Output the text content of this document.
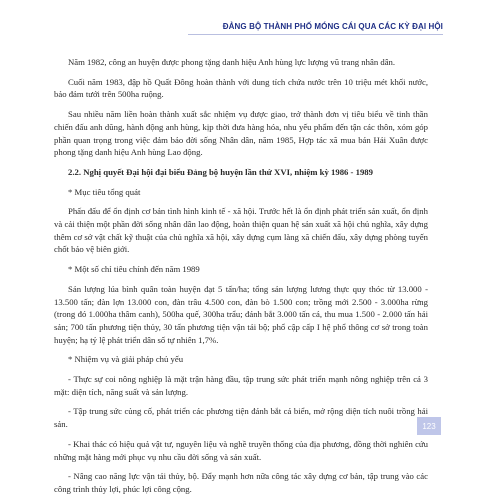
ĐẢNG BỘ THÀNH PHỐ MÓNG CÁI QUA CÁC KỲ ĐẠI HỘI

Năm 1982, công an huyện được phong tặng danh hiệu Anh hùng lực lượng vũ trang nhân dân.

Cuối năm 1983, đập hồ Quất Đông hoàn thành với dung tích chứa nước trên 10 triệu mét khối nước, bảo đảm tưới trên 500ha ruộng.

Sau nhiều năm liền hoàn thành xuất sắc nhiệm vụ được giao, trở thành đơn vị tiêu biểu về tinh thần chiến đấu anh dũng, hành động anh hùng, kịp thời đưa hàng hóa, nhu yếu phẩm đến tận các thôn, xóm góp phần quan trọng trong việc đảm bảo đời sống Nhân dân, năm 1985, Hợp tác xã mua bán Hải Xuân được phong tặng danh hiệu Anh hùng Lao động.

2.2. Nghị quyết Đại hội đại biểu Đảng bộ huyện lần thứ XVI, nhiệm kỳ 1986 - 1989

* Mục tiêu tổng quát

Phấn đấu để ổn định cơ bản tình hình kinh tế - xã hội. Trước hết là ổn định phát triển sản xuất, ổn định và cải thiện một phần đời sống nhân dân lao động, hoàn thiện quan hệ sản xuất xã hội chủ nghĩa, xây dựng thêm cơ sở vật chất kỹ thuật của chủ nghĩa xã hội, xây dựng cụm làng xã chiến đấu, xây dựng phòng tuyến chốt bảo vệ biên giới.

* Một số chỉ tiêu chính đến năm 1989

Sản lượng lúa bình quân toàn huyện đạt 5 tấn/ha; tổng sản lượng lương thực quy thóc từ 13.000 - 13.500 tấn; đàn lợn 13.000 con, đàn trâu 4.500 con, đàn bò 1.500 con; trồng mới 2.500 - 3.000ha rừng (trong đó 1.000ha thâm canh), 500ha quế, 300ha trẩu; đánh bắt 3.000 tấn cá, thu mua 1.500 - 2.000 tấn hải sản; 700 tấn phương tiện thủy, 30 tấn phương tiện vận tải bộ; phổ cập cấp I hệ phổ thông cơ sở trong toàn huyện; hạ tỷ lệ phát triển dân số tự nhiên 1,7%.

* Nhiệm vụ và giải pháp chủ yếu

- Thực sự coi nông nghiệp là mặt trận hàng đầu, tập trung sức phát triển mạnh nông nghiệp trên cả 3 mặt: diện tích, năng suất và sản lượng.

- Tập trung sức củng cố, phát triển các phương tiện đánh bắt cá biển, mở rộng diện tích nuôi trồng hải sản.

- Khai thác có hiệu quả vật tư, nguyên liệu và nghề truyền thống của địa phương, đồng thời nghiên cứu những mặt hàng mới phục vụ nhu cầu đời sống và sản xuất.

- Nâng cao năng lực vận tải thủy, bộ. Đẩy mạnh hơn nữa công tác xây dựng cơ bản, tập trung vào các công trình thủy lợi, phúc lợi công cộng.

123
